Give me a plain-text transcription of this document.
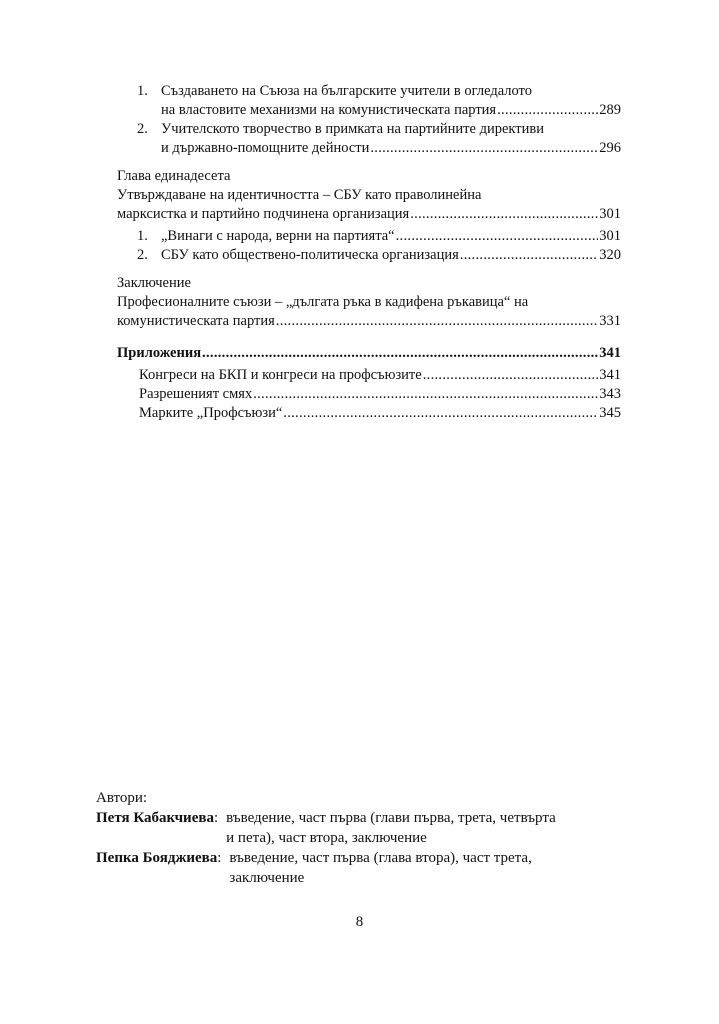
1. Създаването на Съюза на българските учители в огледалото
на властовите механизми на комунистическата партия .....	289
2. Учителското творчество в примката на партийните директиви
и държавно-помощните дейности .....	296
Глава единадесета
Утвърждаване на идентичността – СБУ като праволинейна
марксистка и партийно подчинена организация .....	301
1. „Винаги с народа, верни на партията“ .....	301
2. СБУ като обществено-политическа организация .....	320
Заключение
Професионалните съюзи – „дългата ръка в кадифена ръкавица“ на
комунистическата партия .....	331
Приложения .....	341
Конгреси на БКП и конгреси на профсъюзите .....	341
Разрешеният смях .....	343
Марките „Профсъюзи“ .....	345
Автори:
Петя Кабакчиева: въведение, част първа (глави първа, трета, четвърта
и пета), част втора, заключение
Пепка Бояджиева: въведение, част първа (глава втора), част трета,
заключение
8
